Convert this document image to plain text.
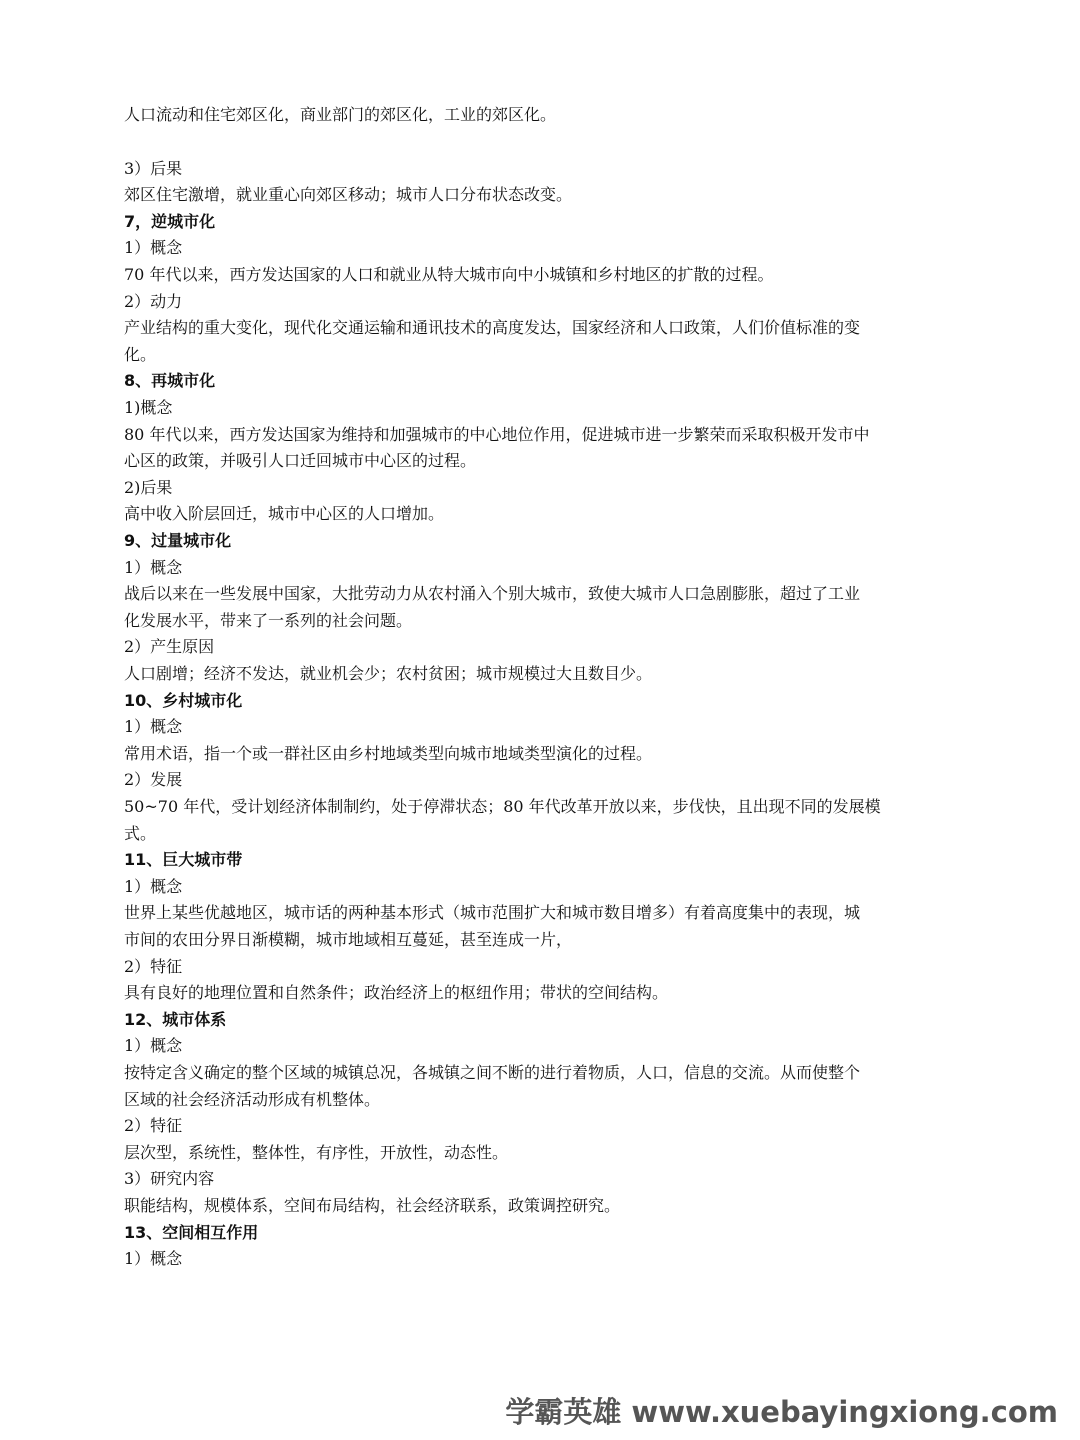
人口流动和住宅郊区化，商业部门的郊区化，工业的郊区化。
3）后果
郊区住宅激增，就业重心向郊区移动；城市人口分布状态改变。
7，逆城市化
1）概念
70 年代以来，西方发达国家的人口和就业从特大城市向中小城镇和乡村地区的扩散的过程。
2）动力
产业结构的重大变化，现代化交通运输和通讯技术的高度发达，国家经济和人口政策，人们价值标准的变
化。
8、再城市化
1)概念
80 年代以来，西方发达国家为维持和加强城市的中心地位作用，促进城市进一步繁荣而采取积极开发市中
心区的政策，并吸引人口迁回城市中心区的过程。
2)后果
高中收入阶层回迁，城市中心区的人口增加。
9、过量城市化
1）概念
战后以来在一些发展中国家，大批劳动力从农村涌入个别大城市，致使大城市人口急剧膨胀，超过了工业
化发展水平，带来了一系列的社会问题。
2）产生原因
人口剧增；经济不发达，就业机会少；农村贫困；城市规模过大且数目少。
10、乡村城市化
1）概念
常用术语，指一个或一群社区由乡村地域类型向城市地域类型演化的过程。
2）发展
50~70 年代，受计划经济体制制约，处于停滞状态；80 年代改革开放以来，步伐快，且出现不同的发展模
式。
11、巨大城市带
1）概念
世界上某些优越地区，城市话的两种基本形式（城市范围扩大和城市数目增多）有着高度集中的表现，城
市间的农田分界日渐模糊，城市地域相互蔓延，甚至连成一片，
2）特征
具有良好的地理位置和自然条件；政治经济上的枢纽作用；带状的空间结构。
12、城市体系
1）概念
按特定含义确定的整个区域的城镇总况，各城镇之间不断的进行着物质，人口，信息的交流。从而使整个
区域的社会经济活动形成有机整体。
2）特征
层次型，系统性，整体性，有序性，开放性，动态性。
3）研究内容
职能结构，规模体系，空间布局结构，社会经济联系，政策调控研究。
13、空间相互作用
1）概念
学霸英雄 www.xuebayingxiong.com
